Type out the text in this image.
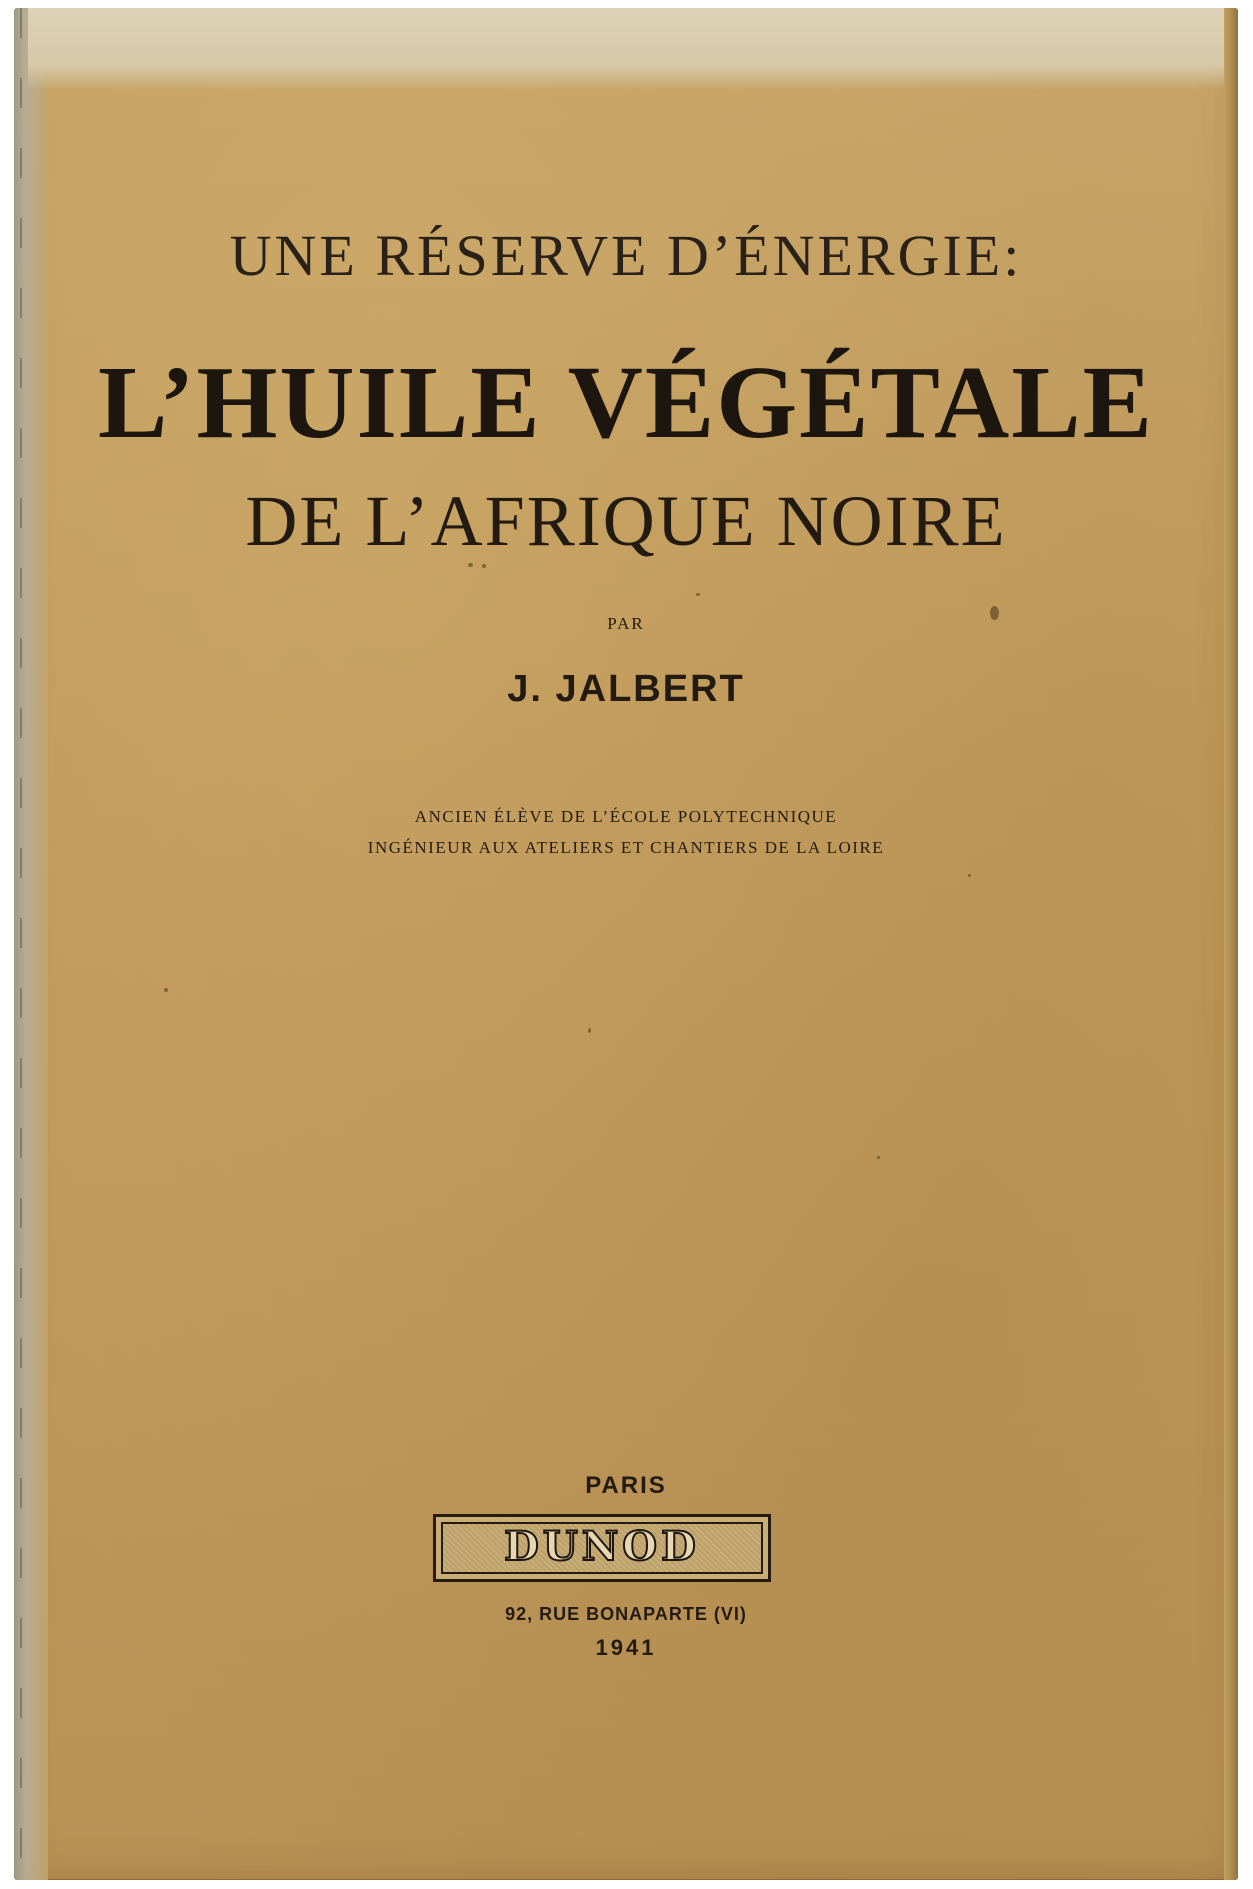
UNE RÉSERVE D’ÉNERGIE:
L’HUILE VÉGÉTALE
DE L’AFRIQUE NOIRE
PAR
J. JALBERT
ANCIEN ÉLÈVE DE L’ÉCOLE POLYTECHNIQUE
INGÉNIEUR AUX ATELIERS ET CHANTIERS DE LA LOIRE
PARIS
DUNOD
92, RUE BONAPARTE (VI)
1941
